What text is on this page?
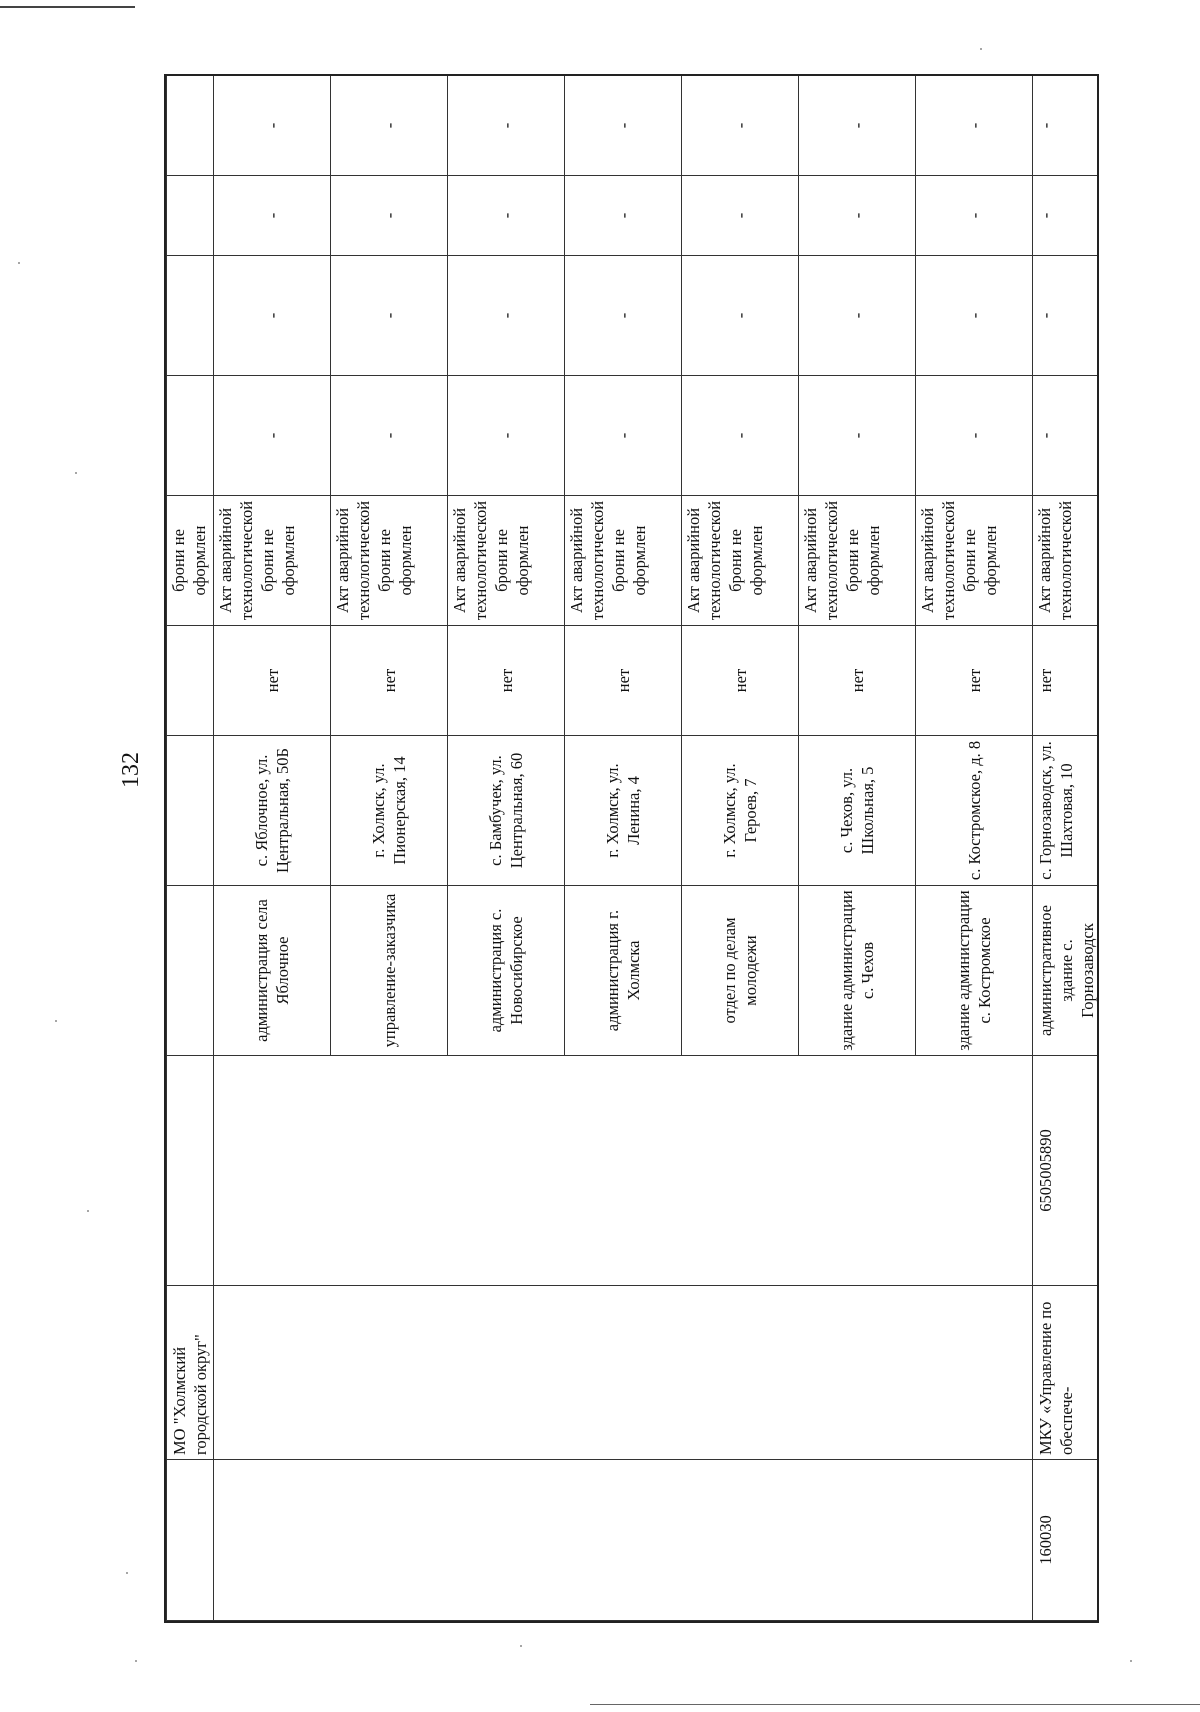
132
	МО "Холмский городской округ"					брони не оформлен				
			администрация села Яблочное	с. Яблочное, ул. Центральная, 50Б	нет	Акт аварийной технологической брони не оформлен	-	-	-	-
			управление-заказчика	г. Холмск, ул. Пионерская, 14	нет	Акт аварийной технологической брони не оформлен	-	-	-	-
			администрация с. Новосибирское	с. Бамбучек, ул. Центральная, 60	нет	Акт аварийной технологической брони не оформлен	-	-	-	-
			администрация г. Холмска	г. Холмск, ул. Ленина, 4	нет	Акт аварийной технологической брони не оформлен	-	-	-	-
			отдел по делам молодежи	г. Холмск, ул. Героев, 7	нет	Акт аварийной технологической брони не оформлен	-	-	-	-
			здание администрации с. Чехов	с. Чехов, ул. Школьная, 5	нет	Акт аварийной технологической брони не оформлен	-	-	-	-
			здание администрации с. Костромское	с. Костромское, д. 8	нет	Акт аварийной технологической брони не оформлен	-	-	-	-
160030	МКУ «Управление по обеспече-	6505005890	административное здание с. Горнозаводск	с. Горнозаводск, ул. Шахтовая, 10	нет	Акт аварийной технологической	-	-	-	-
